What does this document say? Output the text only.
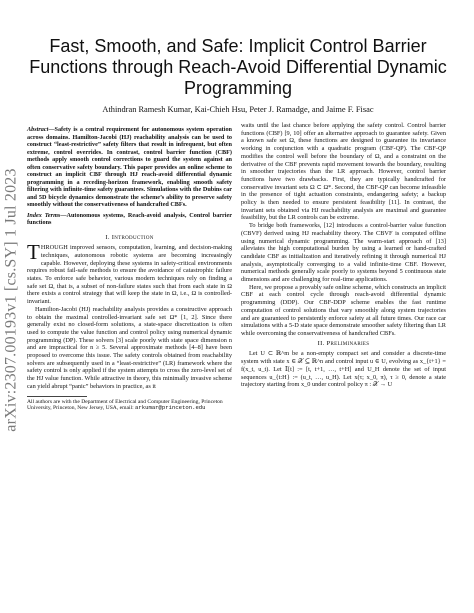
arXiv:2307.00193v1 [cs.SY] 1 Jul 2023
Fast, Smooth, and Safe: Implicit Control Barrier Functions through Reach-Avoid Differential Dynamic Programming
Athindran Ramesh Kumar, Kai-Chieh Hsu, Peter J. Ramadge, and Jaime F. Fisac

Abstract—Safety is a central requirement for autonomous system operation across domains. Hamilton-Jacobi (HJ) reachability analysis can be used to construct “least-restrictive” safety filters that result in infrequent, but often extreme, control overrides. In contrast, control barrier function (CBF) methods apply smooth control corrections to guard the system against an often conservative safety boundary. This paper provides an online scheme to construct an implicit CBF through HJ reach-avoid differential dynamic programming in a receding-horizon framework, enabling smooth safety filtering with infinite-time safety guarantees. Simulations with the Dubins car and 5D bicycle dynamics demonstrate the scheme’s ability to preserve safety smoothly without the conservativeness of handcrafted CBFs.

Index Terms—Autonomous systems, Reach-avoid analysis, Control barrier functions

I. Introduction

THROUGH improved sensors, computation, learning, and decision-making techniques, autonomous robotic systems are becoming increasingly capable. However, deploying these systems in safety-critical environments requires robust fail-safe methods to ensure the avoidance of catastrophic failure states. To enforce safe behavior, various modern techniques rely on finding a safe set Ω, that is, a subset of non-failure states such that from each state in Ω there exists a control strategy that will keep the state in Ω, i.e., Ω is controlled-invariant.

Hamilton-Jacobi (HJ) reachability analysis provides a constructive approach to obtain the maximal controlled-invariant safe set Ω* [1, 2]. Since there generally exist no closed-form solutions, a state-space discretization is often used to compute the value function and control policy using numerical dynamic programming (DP). These solvers [3] scale poorly with state space dimension n and are impractical for n ≥ 5. Several approximate methods [4–8] have been proposed to overcome this issue. The safety controls obtained from reachability solvers are subsequently used in a “least-restrictive” (LR) framework where the safety control is only applied if the system attempts to cross the zero-level set of the HJ value function. While attractive in theory, this minimally invasive scheme can yield abrupt “panic” behaviors in practice, as it

All authors are with the Department of Electrical and Computer Engineering, Princeton University, Princeton, New Jersey, USA, email: arkumar@princeton.edu

waits until the last chance before applying the safety control. Control barrier functions (CBF) [9, 10] offer an alternative approach to guarantee safety. Given a known safe set Ω, these functions are designed to guarantee its invariance working in conjunction with a quadratic program (CBF-QP). The CBF-QP modifies the control well before the boundary of Ω, and a constraint on the derivative of the CBF prevents rapid movement towards the boundary, resulting in smoother trajectories than the LR approach. However, control barrier functions have two drawbacks. First, they are typically handcrafted for conservative invariant sets Ω ⊂ Ω*. Second, the CBF-QP can become infeasible in the presence of tight actuation constraints, endangering safety; a backup policy is then needed to ensure persistent feasibility [11]. In contrast, the invariant sets obtained via HJ reachability analysis are maximal and guarantee feasibility, but the LR controls can be extreme.

To bridge both frameworks, [12] introduces a control-barrier value function (CBVF) derived using HJ reachability theory. The CBVF is computed offline using numerical dynamic programming. The warm-start approach of [13] alleviates the high computational burden by using a learned or hand-crafted candidate CBF as initialization and iteratively refining it through numerical HJ analysis, asymptotically converging to a valid infinite-time CBF. However, numerical methods generally scale poorly to systems beyond 5 continuous state dimensions and are challenging for real-time applications.

Here, we propose a provably safe online scheme, which constructs an implicit CBF at each control cycle through reach-avoid differential dynamic programming (DDP). Our CBF-DDP scheme enables the fast runtime computation of control solutions that vary smoothly along system trajectories and are guaranteed to persistently enforce safety at all future times. Our race car simulations with a 5-D state space demonstrate smoother safety filtering than LR while overcoming the conservativeness of handcrafted CBFs.

II. Preliminaries

Let U ⊂ ℝ^m be a non-empty compact set and consider a discrete-time system with state x ∈ 𝒳 ⊆ ℝ^n and control input u ∈ U, evolving as x_{t+1} = f(x_t, u_t). Let 𝕀[t] := [t, t+1, …, t+H] and U_H denote the set of input sequences u_{t:H} := (u_t, …, u_H). Let x(τ; x_0, π), τ ≥ 0, denote a state trajectory starting from x_0 under control policy π : 𝒳 → U
